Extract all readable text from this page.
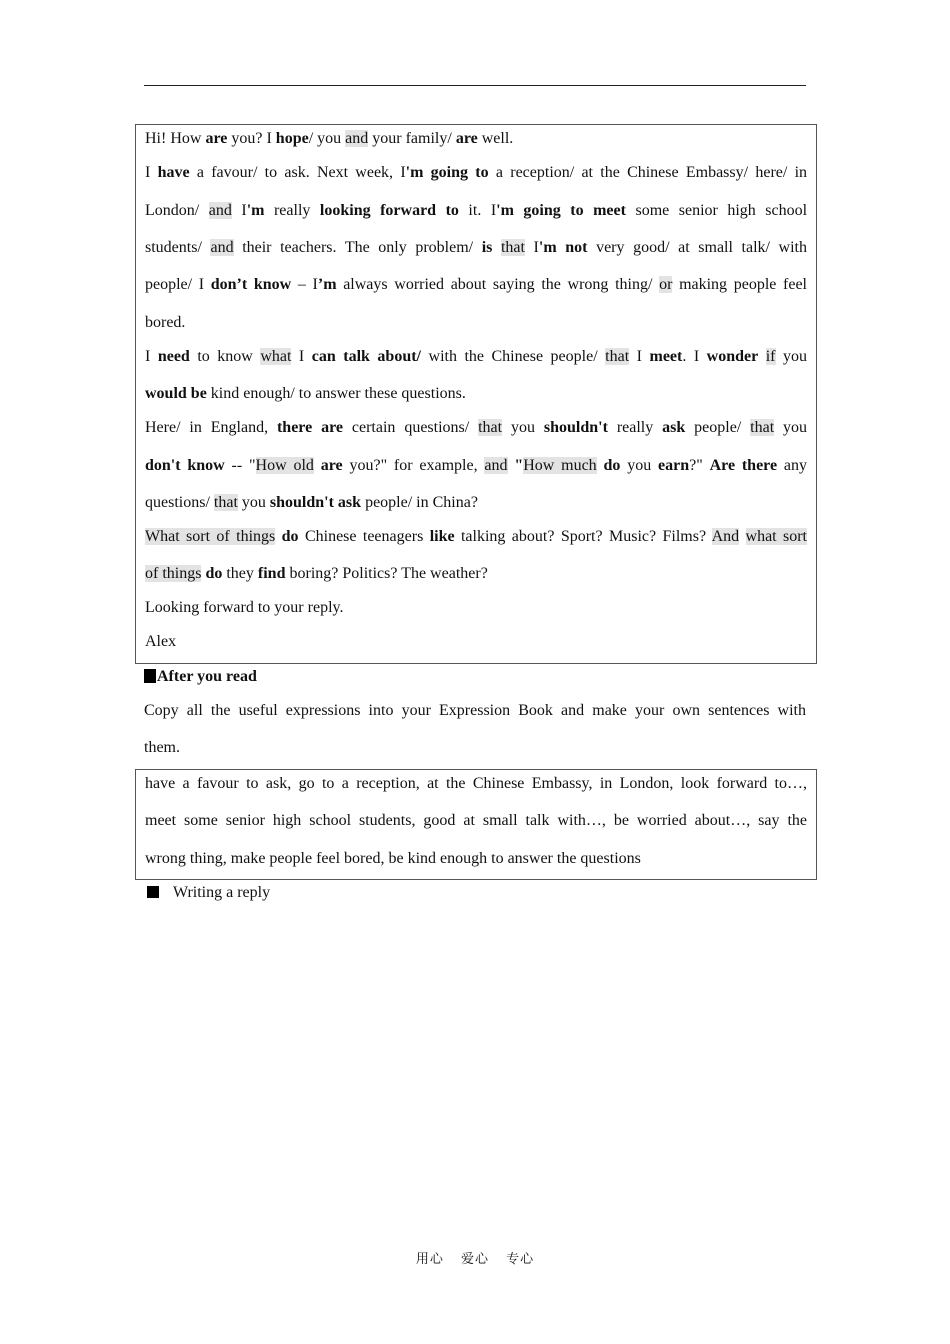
Hi! How are you? I hope/ you and your family/ are well.
I have a favour/ to ask. Next week, I'm going to a reception/ at the Chinese Embassy/ here/ in
London/ and I'm really looking forward to it. I'm going to meet some senior high school
students/ and their teachers. The only problem/ is that I'm not very good/ at small talk/ with
people/ I don’t know – I’m always worried about saying the wrong thing/ or making people feel
bored.
I need to know what I can talk about/ with the Chinese people/ that I meet. I wonder if you
would be kind enough/ to answer these questions.
Here/ in England, there are certain questions/ that you shouldn't really ask people/ that you
don't know -- "How old are you?" for example, and "How much do you earn?" Are there any
questions/ that you shouldn't ask people/ in China?
What sort of things do Chinese teenagers like talking about? Sport? Music? Films? And what sort
of things do they find boring? Politics? The weather?
Looking forward to your reply.
Alex
After you read
Copy all the useful expressions into your Expression Book and make your own sentences with
them.
have a favour to ask, go to a reception, at the Chinese Embassy, in London, look forward to…,
meet some senior high school students, good at small talk with…, be worried about…, say the
wrong thing, make people feel bored, be kind enough to answer the questions
Writing a reply
用心 爱心 专心
